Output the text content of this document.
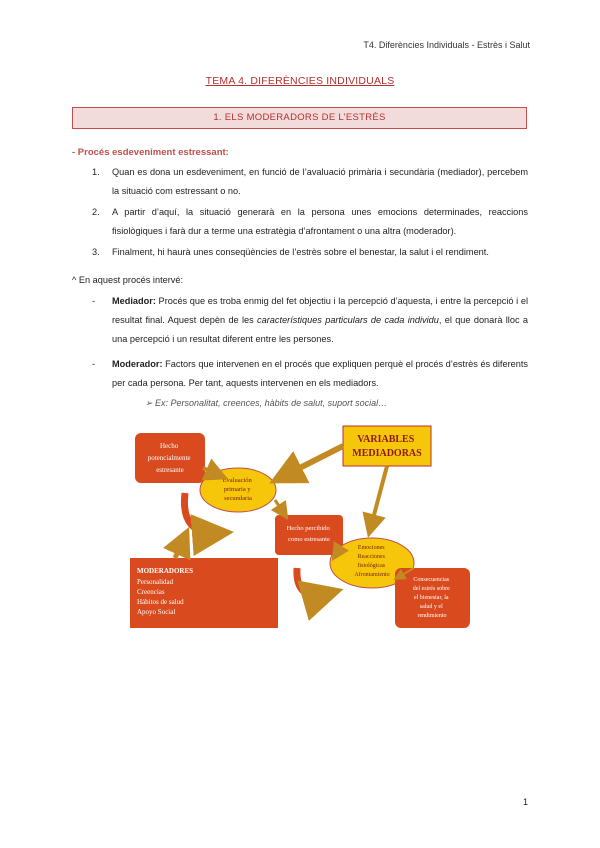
T4. Diferències Individuals - Estrès i Salut
TEMA 4. DIFERÈNCIES INDIVIDUALS
1. ELS MODERADORS DE L’ESTRÈS
- Procés esdeveniment estressant:
1. Quan es dona un esdeveniment, en funció de l’avaluació primària i secundària (mediador), percebem la situació com estressant o no.
2. A partir d’aquí, la situació generarà en la persona unes emocions determinades, reaccions fisiològiques i farà dur a terme una estratègia d’afrontament o una altra (moderador).
3. Finalment, hi haurà unes conseqüències de l’estrès sobre el benestar, la salut i el rendiment.
^ En aquest procés intervé:
- Mediador: Procés que es troba enmig del fet objectiu i la percepció d’aquesta, i entre la percepció i el resultat final. Aquest depèn de les característiques particulars de cada individu, el que donarà lloc a una percepció i un resultat diferent entre les persones.
- Moderador: Factors que intervenen en el procés que expliquen perquè el procés d’estrès és diferents per cada persona. Per tant, aquests intervenen en els mediadors.
➢ Ex: Personalitat, creences, hàbits de salut, suport social…
Hecho potencialmente estresante
VARIABLES MEDIADORAS
Evaluación primaria y secundaria
Hecho percibido como estresante
Emociones Reacciones fisiológicas Afrontamiento
MODERADORES Personalidad Creencias Hábitos de salud Apoyo Social
Consecuencias del estrés sobre el bienestar, la salud y el rendimiento
1
